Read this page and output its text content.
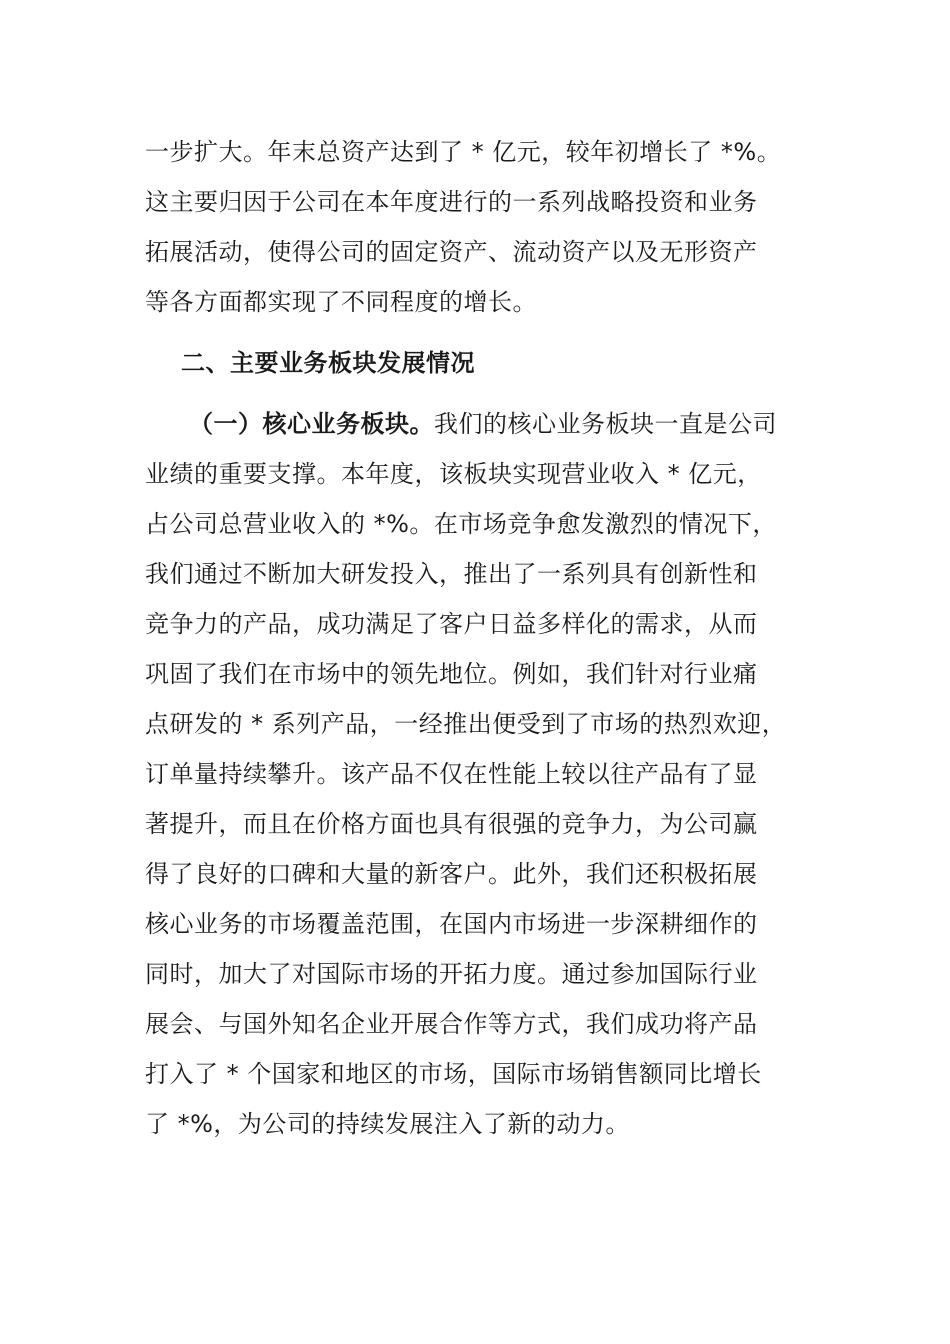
一步扩大。年末总资产达到了 * 亿元，较年初增长了 *%。
这主要归因于公司在本年度进行的一系列战略投资和业务
拓展活动，使得公司的固定资产、流动资产以及无形资产
等各方面都实现了不同程度的增长。
二、主要业务板块发展情况
（一）核心业务板块。我们的核心业务板块一直是公司
业绩的重要支撑。本年度，该板块实现营业收入 * 亿元，
占公司总营业收入的 *%。在市场竞争愈发激烈的情况下，
我们通过不断加大研发投入，推出了一系列具有创新性和
竞争力的产品，成功满足了客户日益多样化的需求，从而
巩固了我们在市场中的领先地位。例如，我们针对行业痛
点研发的 * 系列产品，一经推出便受到了市场的热烈欢迎，
订单量持续攀升。该产品不仅在性能上较以往产品有了显
著提升，而且在价格方面也具有很强的竞争力，为公司赢
得了良好的口碑和大量的新客户。此外，我们还积极拓展
核心业务的市场覆盖范围，在国内市场进一步深耕细作的
同时，加大了对国际市场的开拓力度。通过参加国际行业
展会、与国外知名企业开展合作等方式，我们成功将产品
打入了 * 个国家和地区的市场，国际市场销售额同比增长
了 *%，为公司的持续发展注入了新的动力。
